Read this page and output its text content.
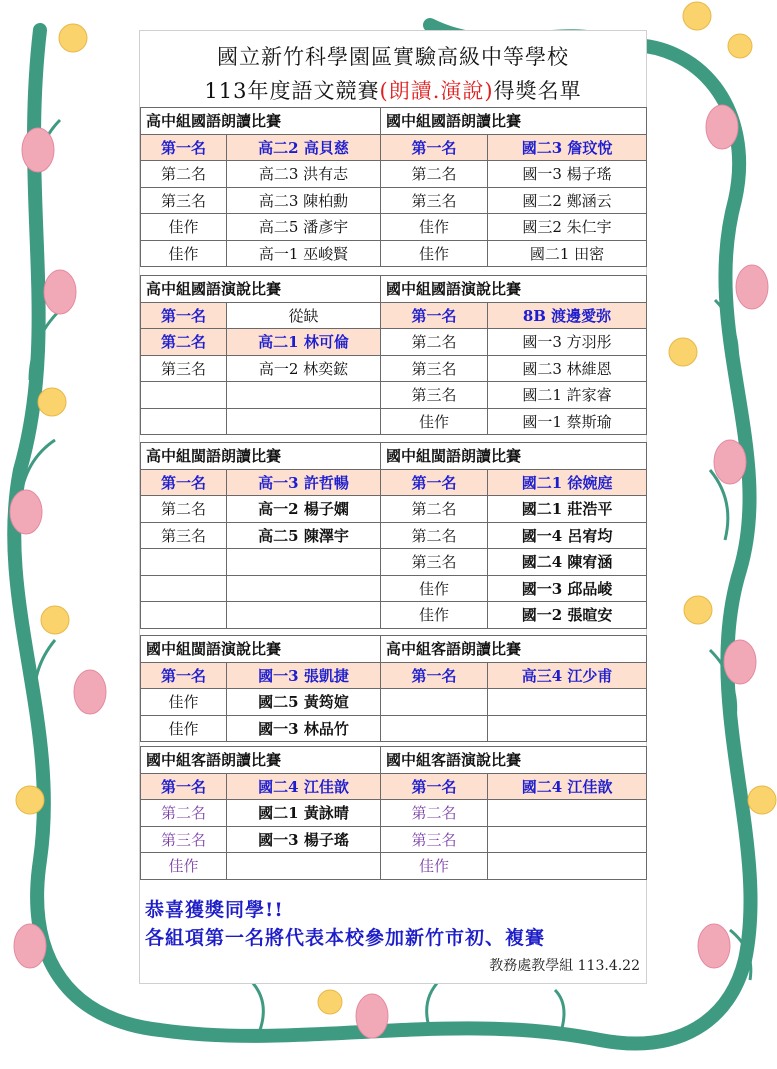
國立新竹科學園區實驗高級中等學校
113年度語文競賽(朗讀.演說)得獎名單
高中組國語朗讀比賽		國中組國語朗讀比賽	
第一名	高二2 高貝慈	第一名	國二3 詹玟悅
第二名	高二3 洪有志	第二名	國一3 楊子瑤
第三名	高二3 陳柏勳	第三名	國二2 鄭涵云
佳作	高二5 潘彥宇	佳作	國三2 朱仁宇
佳作	高一1 巫峻賢	佳作	國二1 田密
高中組國語演說比賽		國中組國語演說比賽	
第一名	從缺	第一名	8B 渡邊愛弥
第二名	高二1 林可倫	第二名	國一3 方羽彤
第三名	高一2 林奕鋐	第三名	國二3 林維恩
		第三名	國二1 許家睿
		佳作	國一1 蔡斯瑜
高中組閩語朗讀比賽		國中組閩語朗讀比賽	
第一名	高一3 許哲暢	第一名	國二1 徐婉庭
第二名	高一2 楊子嫻	第二名	國二1 莊浩平
第三名	高二5 陳澤宇	第二名	國一4 呂宥均
		第三名	國二4 陳宥涵
		佳作	國一3 邱品崚
		佳作	國一2 張暄安
國中組閩語演說比賽		高中組客語朗讀比賽	
第一名	國一3 張凱捷	第一名	高三4 江少甫
佳作	國二5 黃筠媗		
佳作	國一3 林品竹		
國中組客語朗讀比賽		國中組客語演說比賽	
第一名	國二4 江佳歆	第一名	國二4 江佳歆
第二名	國二1 黃詠晴	第二名	
第三名	國一3 楊子瑤	第三名	
佳作		佳作	
恭喜獲獎同學!!
各組項第一名將代表本校參加新竹市初、複賽
教務處教學組 113.4.22
